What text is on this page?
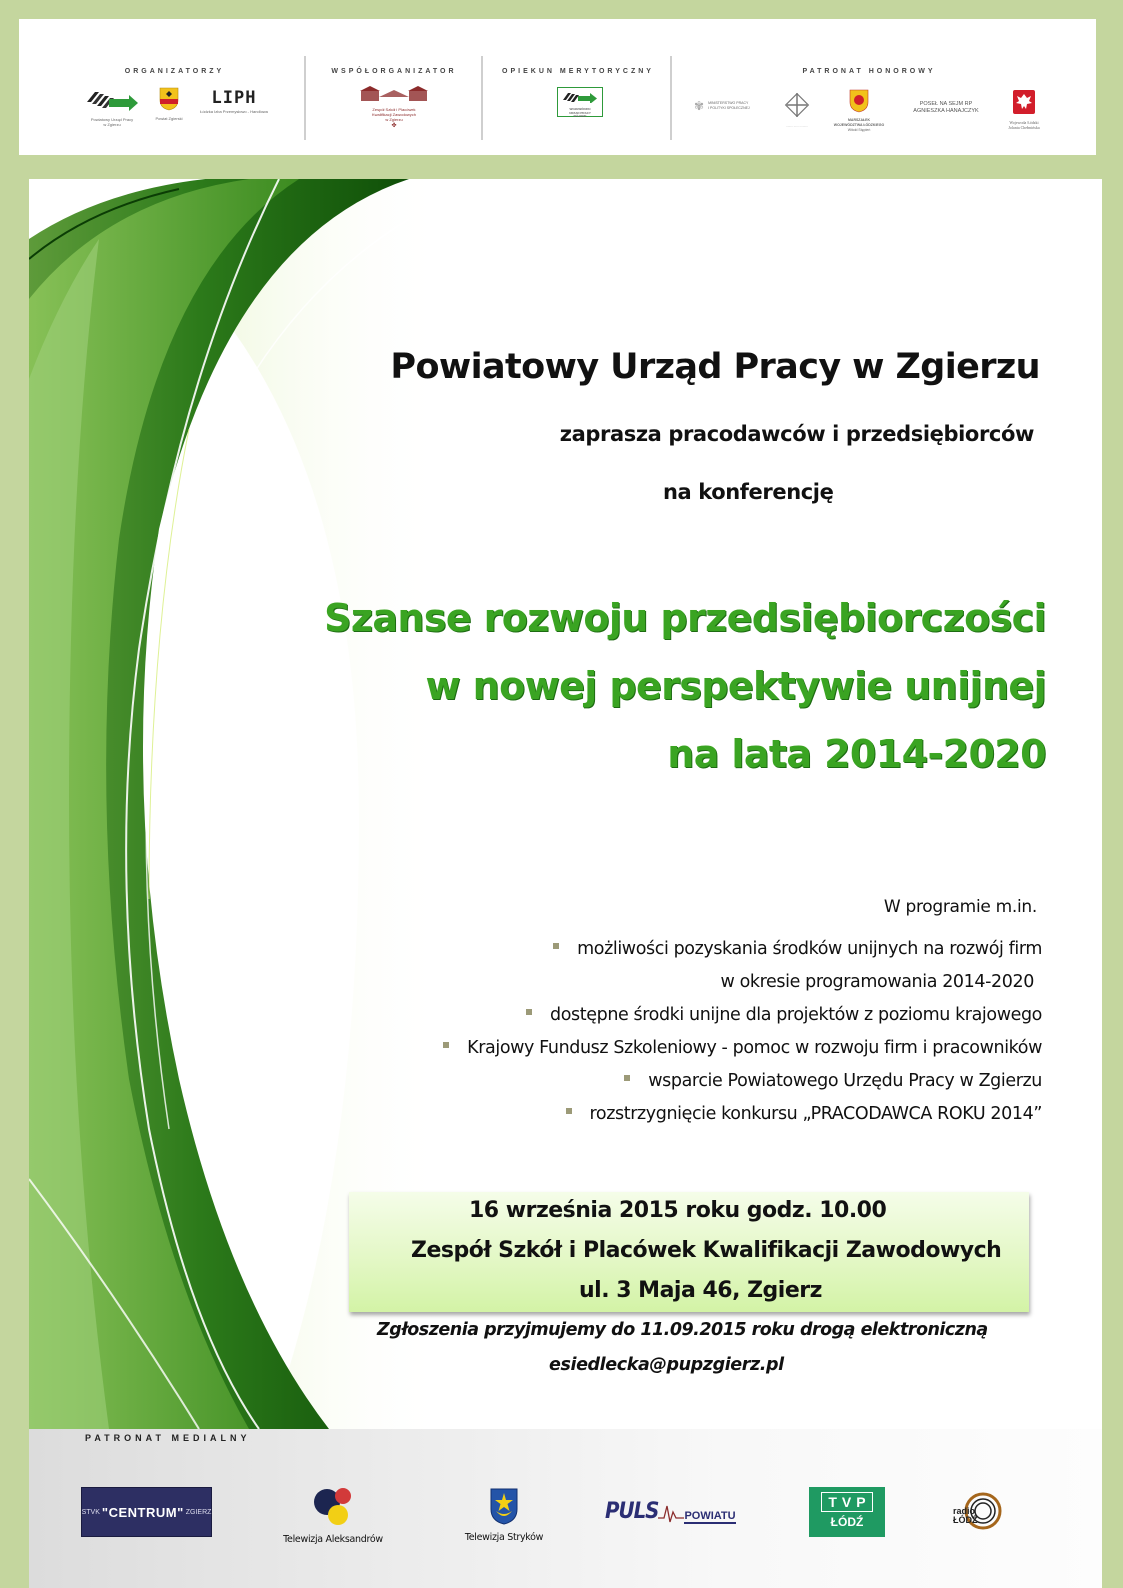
ORGANIZATORZY
Powiatowy Urząd Pracy
w Zgierzu
Powiat Zgierski
LIPH
Łódzka Izba Przemysłowo - Handlowa
WSPÓŁORGANIZATOR
Zespół Szkół i Placówek
Kwalifikacji Zawodowych
w Zgierzu
✤
OPIEKUN MERYTORYCZNY
WOJEWÓDZKI
URZĄD PRACY
W ŁODZI
PATRONAT HONOROWY
✾ MINISTERSTWO PRACY
I POLITYKI SPOŁECZNEJ
........ ...... ..........
MARSZAŁEK
WOJEWÓDZTWA ŁÓDZKIEGO
Witold Stępień
POSEŁ NA SEJM RP
AGNIESZKA HANAJCZYK
Wojewoda Łódzki
Jolanta Chełmińska
Powiatowy Urząd Pracy w Zgierzu
zaprasza pracodawców i przedsiębiorców
na konferencję
Szanse rozwoju przedsiębiorczości
w nowej perspektywie unijnej
na lata 2014-2020
W programie m.in.
możliwości pozyskania środków unijnych na rozwój firm
w okresie programowania 2014-2020
dostępne środki unijne dla projektów z poziomu krajowego
Krajowy Fundusz Szkoleniowy - pomoc w rozwoju firm i pracowników
wsparcie Powiatowego Urzędu Pracy w Zgierzu
rozstrzygnięcie konkursu „PRACODAWCA ROKU 2014”
16 września 2015 roku godz. 10.00
Zespół Szkół i Placówek Kwalifikacji Zawodowych
ul. 3 Maja 46, Zgierz
Zgłoszenia przyjmujemy do 11.09.2015 roku drogą elektroniczną
esiedlecka@pupzgierz.pl
PATRONAT MEDIALNY
STVK "CENTRUM" ZGIERZ
Telewizja Aleksandrów	Telewizja Stryków
PULS POWIATU
TVP
ŁÓDŹ
radio
ŁÓDŹ
